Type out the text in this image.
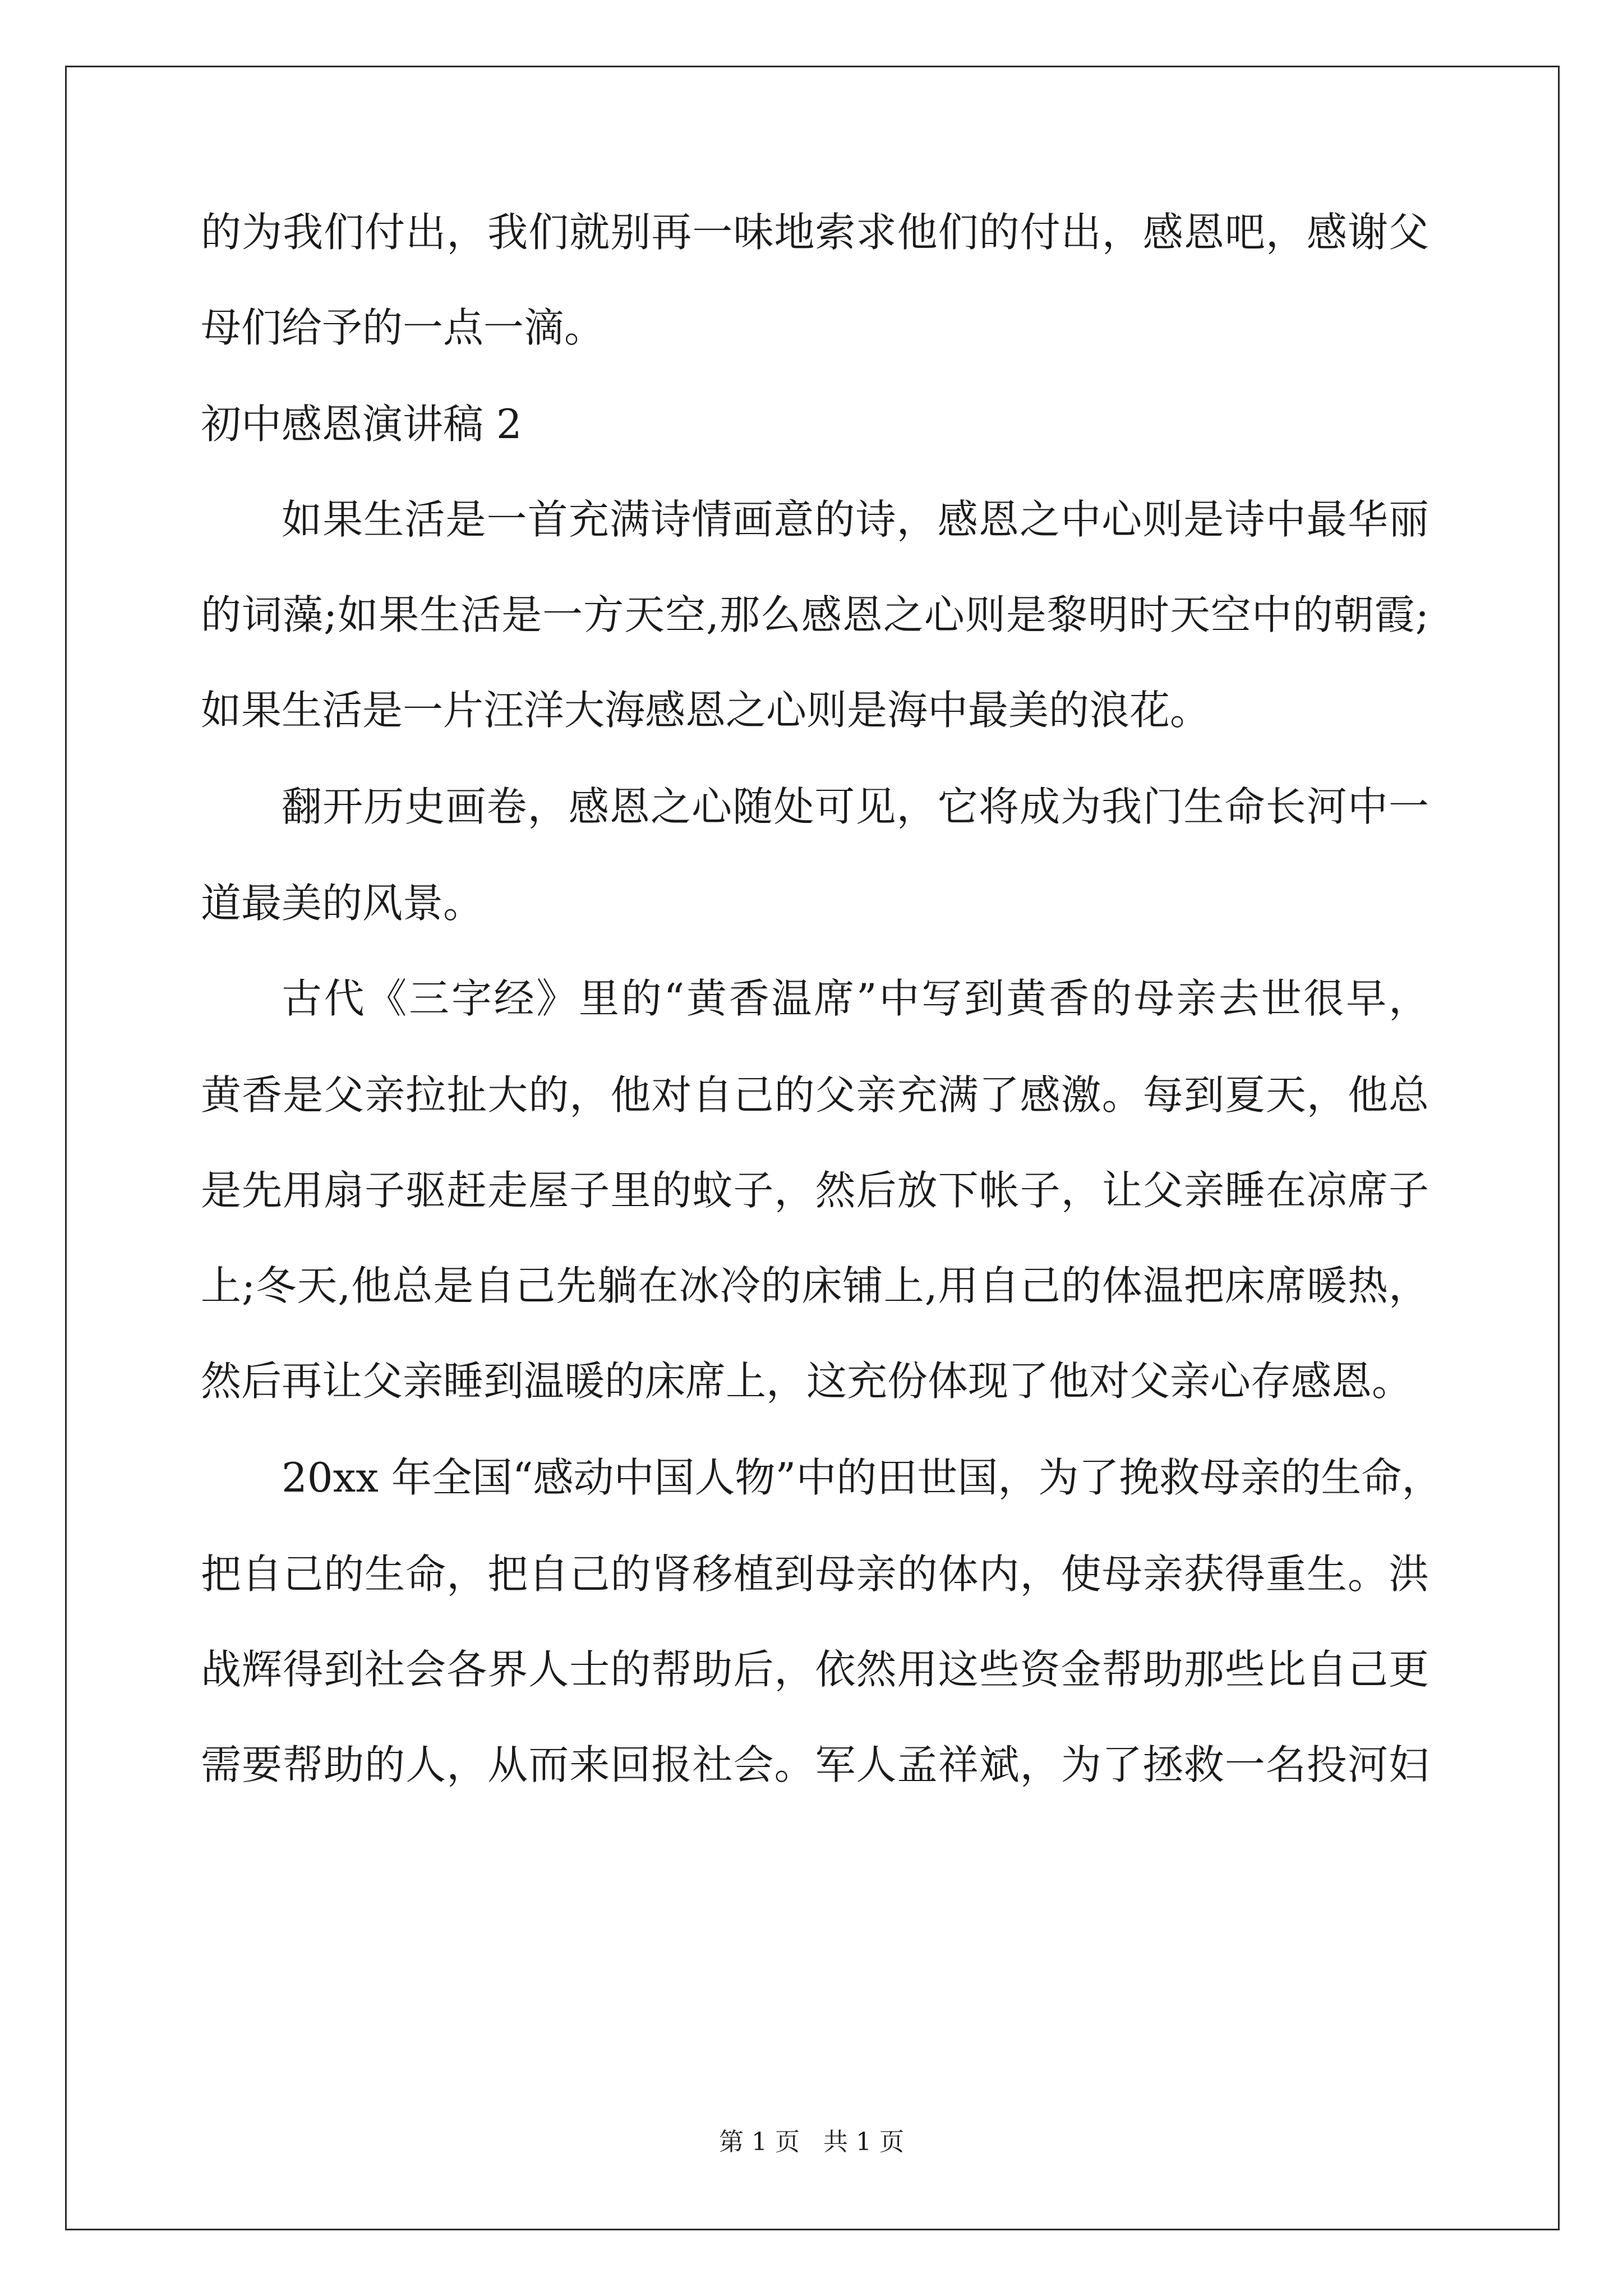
的为我们付出，我们就别再一味地索求他们的付出，感恩吧，感谢父
母们给予的一点一滴。
初中感恩演讲稿 2
如果生活是一首充满诗情画意的诗，感恩之中心则是诗中最华丽
的词藻;如果生活是一方天空,那么感恩之心则是黎明时天空中的朝霞;
如果生活是一片汪洋大海感恩之心则是海中最美的浪花。
翻开历史画卷，感恩之心随处可见，它将成为我门生命长河中一
道最美的风景。
古代《三字经》里的“黄香温席”中写到黄香的母亲去世很早，
黄香是父亲拉扯大的，他对自己的父亲充满了感激。每到夏天，他总
是先用扇子驱赶走屋子里的蚊子，然后放下帐子，让父亲睡在凉席子
上;冬天,他总是自己先躺在冰冷的床铺上,用自己的体温把床席暖热，
然后再让父亲睡到温暖的床席上，这充份体现了他对父亲心存感恩。
20xx 年全国“感动中国人物”中的田世国，为了挽救母亲的生命，
把自己的生命，把自己的肾移植到母亲的体内，使母亲获得重生。洪
战辉得到社会各界人士的帮助后，依然用这些资金帮助那些比自己更
需要帮助的人，从而来回报社会。军人孟祥斌，为了拯救一名投河妇
第 1 页   共 1 页
